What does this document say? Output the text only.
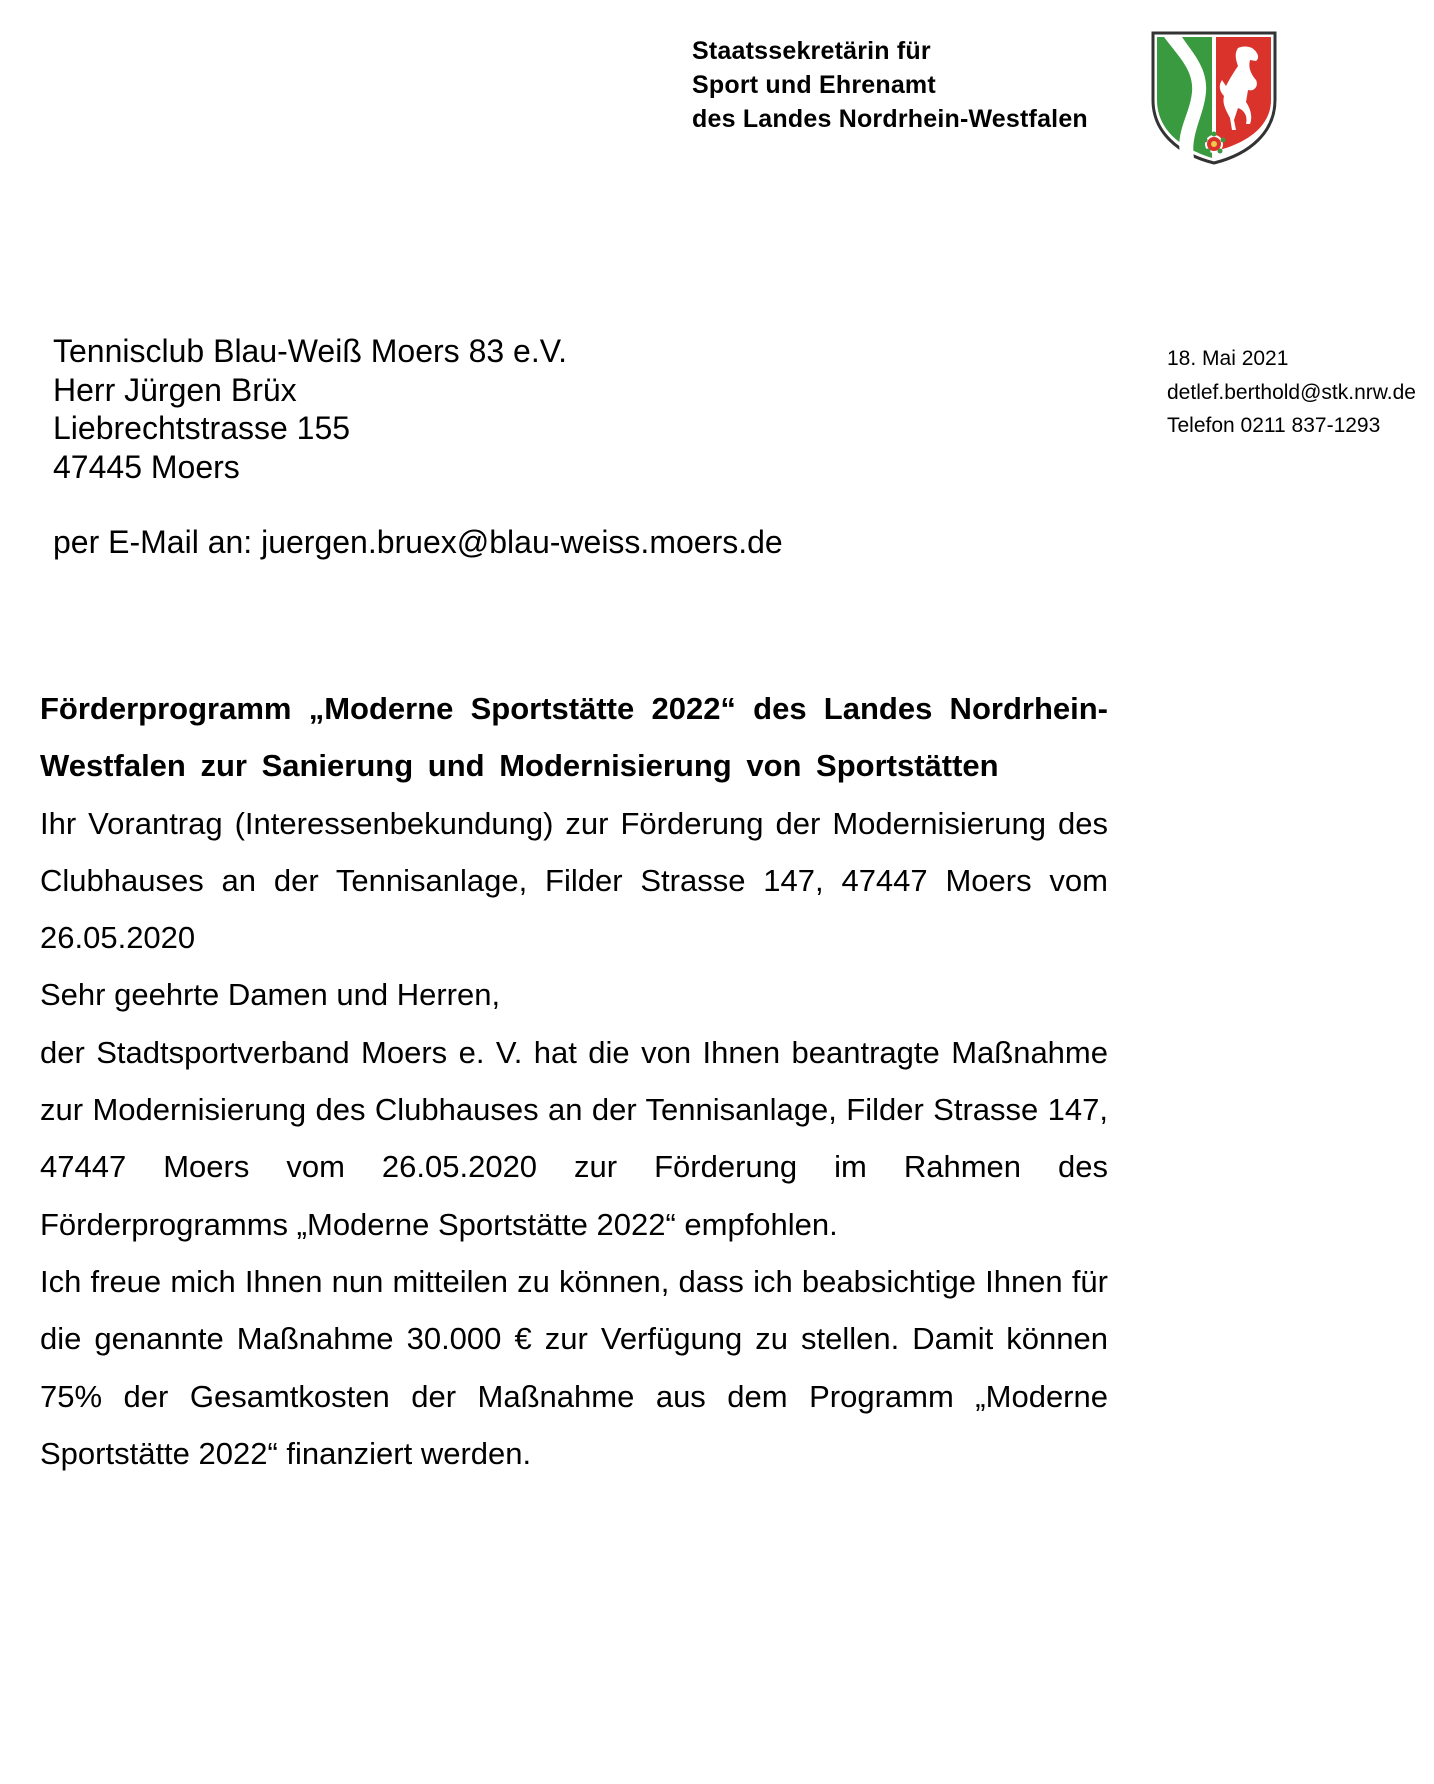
Staatssekretärin für
Sport und Ehrenamt
des Landes Nordrhein-Westfalen
Tennisclub Blau-Weiß Moers 83 e.V.
Herr Jürgen Brüx
Liebrechtstrasse 155
47445 Moers
per E-Mail an: juergen.bruex@blau-weiss.moers.de
18. Mai 2021
detlef.berthold@stk.nrw.de
Telefon 0211 837-1293

Förderprogramm „Moderne Sportstätte 2022“ des Landes Nordrhein-Westfalen zur Sanierung und Modernisierung von Sportstätten

Ihr Vorantrag (Interessenbekundung) zur Förderung der Modernisierung des Clubhauses an der Tennisanlage, Filder Strasse 147, 47447 Moers vom 26.05.2020

Sehr geehrte Damen und Herren,

der Stadtsportverband Moers e. V. hat die von Ihnen beantragte Maßnahme zur Modernisierung des Clubhauses an der Tennisanlage, Filder Strasse 147, 47447 Moers vom 26.05.2020 zur Förderung im Rahmen des Förderprogramms „Moderne Sportstätte 2022“ empfohlen.

Ich freue mich Ihnen nun mitteilen zu können, dass ich beabsichtige Ihnen für die genannte Maßnahme 30.000 € zur Verfügung zu stellen. Damit können 75% der Gesamtkosten der Maßnahme aus dem Programm „Moderne Sportstätte 2022“ finanziert werden.
